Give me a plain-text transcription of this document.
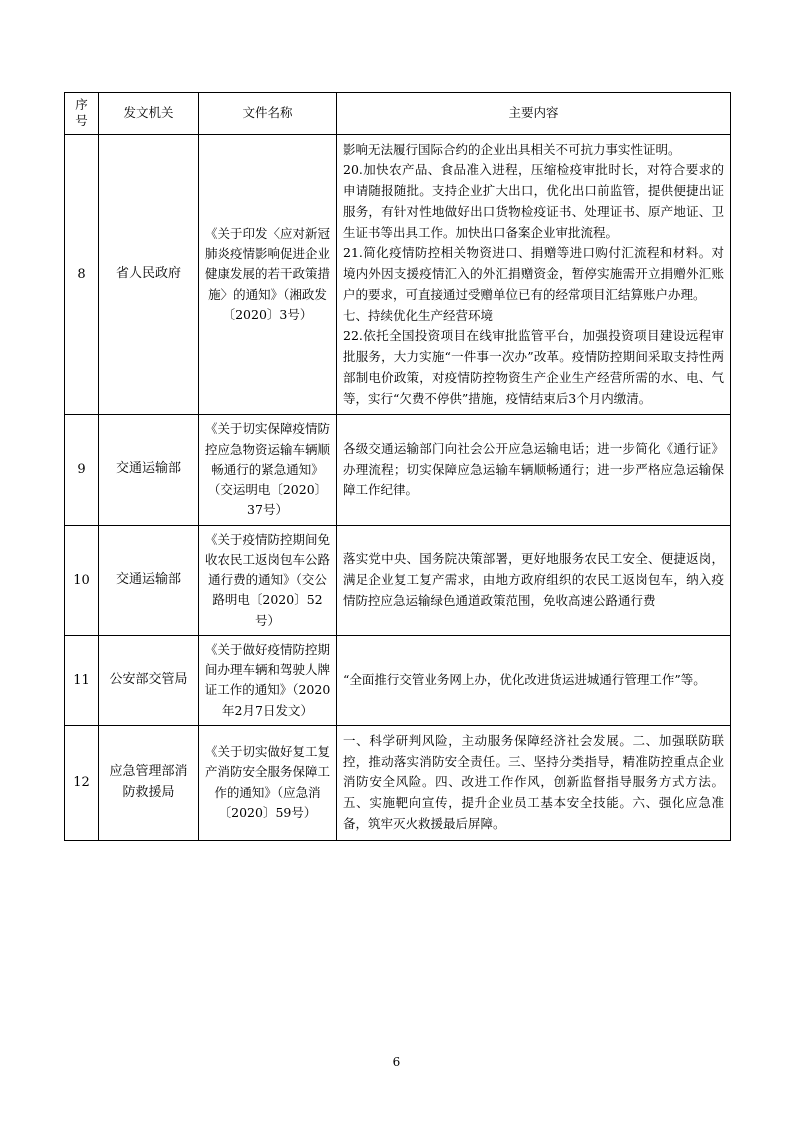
序
号	发文机关	文件名称	主要内容
8	省人民政府	《关于印发〈应对新冠肺炎疫情影响促进企业健康发展的若干政策措施〉的通知》（湘政发〔2020〕3号）	影响无法履行国际合约的企业出具相关不可抗力事实性证明。

20.加快农产品、食品准入进程，压缩检疫审批时长，对符合要求的申请随报随批。支持企业扩大出口，优化出口前监管，提供便捷出证服务，有针对性地做好出口货物检疫证书、处理证书、原产地证、卫生证书等出具工作。加快出口备案企业审批流程。

21.简化疫情防控相关物资进口、捐赠等进口购付汇流程和材料。对境内外因支援疫情汇入的外汇捐赠资金，暂停实施需开立捐赠外汇账户的要求，可直接通过受赠单位已有的经常项目汇结算账户办理。

七、持续优化生产经营环境

22.依托全国投资项目在线审批监管平台，加强投资项目建设远程审批服务，大力实施“一件事一次办”改革。疫情防控期间采取支持性两部制电价政策，对疫情防控物资生产企业生产经营所需的水、电、气等，实行“欠费不停供”措施，疫情结束后3个月内缴清。

9	交通运输部	《关于切实保障疫情防控应急物资运输车辆顺畅通行的紧急通知》（交运明电〔2020〕37号）	各级交通运输部门向社会公开应急运输电话；进一步简化《通行证》办理流程；切实保障应急运输车辆顺畅通行；进一步严格应急运输保障工作纪律。

10	交通运输部	《关于疫情防控期间免收农民工返岗包车公路通行费的通知》（交公路明电〔2020〕52号）	落实党中央、国务院决策部署，更好地服务农民工安全、便捷返岗，满足企业复工复产需求，由地方政府组织的农民工返岗包车，纳入疫情防控应急运输绿色通道政策范围，免收高速公路通行费

11	公安部交管局	《关于做好疫情防控期间办理车辆和驾驶人牌证工作的通知》（2020年2月7日发文）	“全面推行交管业务网上办，优化改进货运进城通行管理工作”等。

12	应急管理部消防救援局	《关于切实做好复工复产消防安全服务保障工作的通知》（应急消〔2020〕59号）	一、科学研判风险，主动服务保障经济社会发展。二、加强联防联控，推动落实消防安全责任。三、坚持分类指导，精准防控重点企业消防安全风险。四、改进工作作风，创新监督指导服务方式方法。五、实施靶向宣传，提升企业员工基本安全技能。六、强化应急准备，筑牢灭火救援最后屏障。

6
